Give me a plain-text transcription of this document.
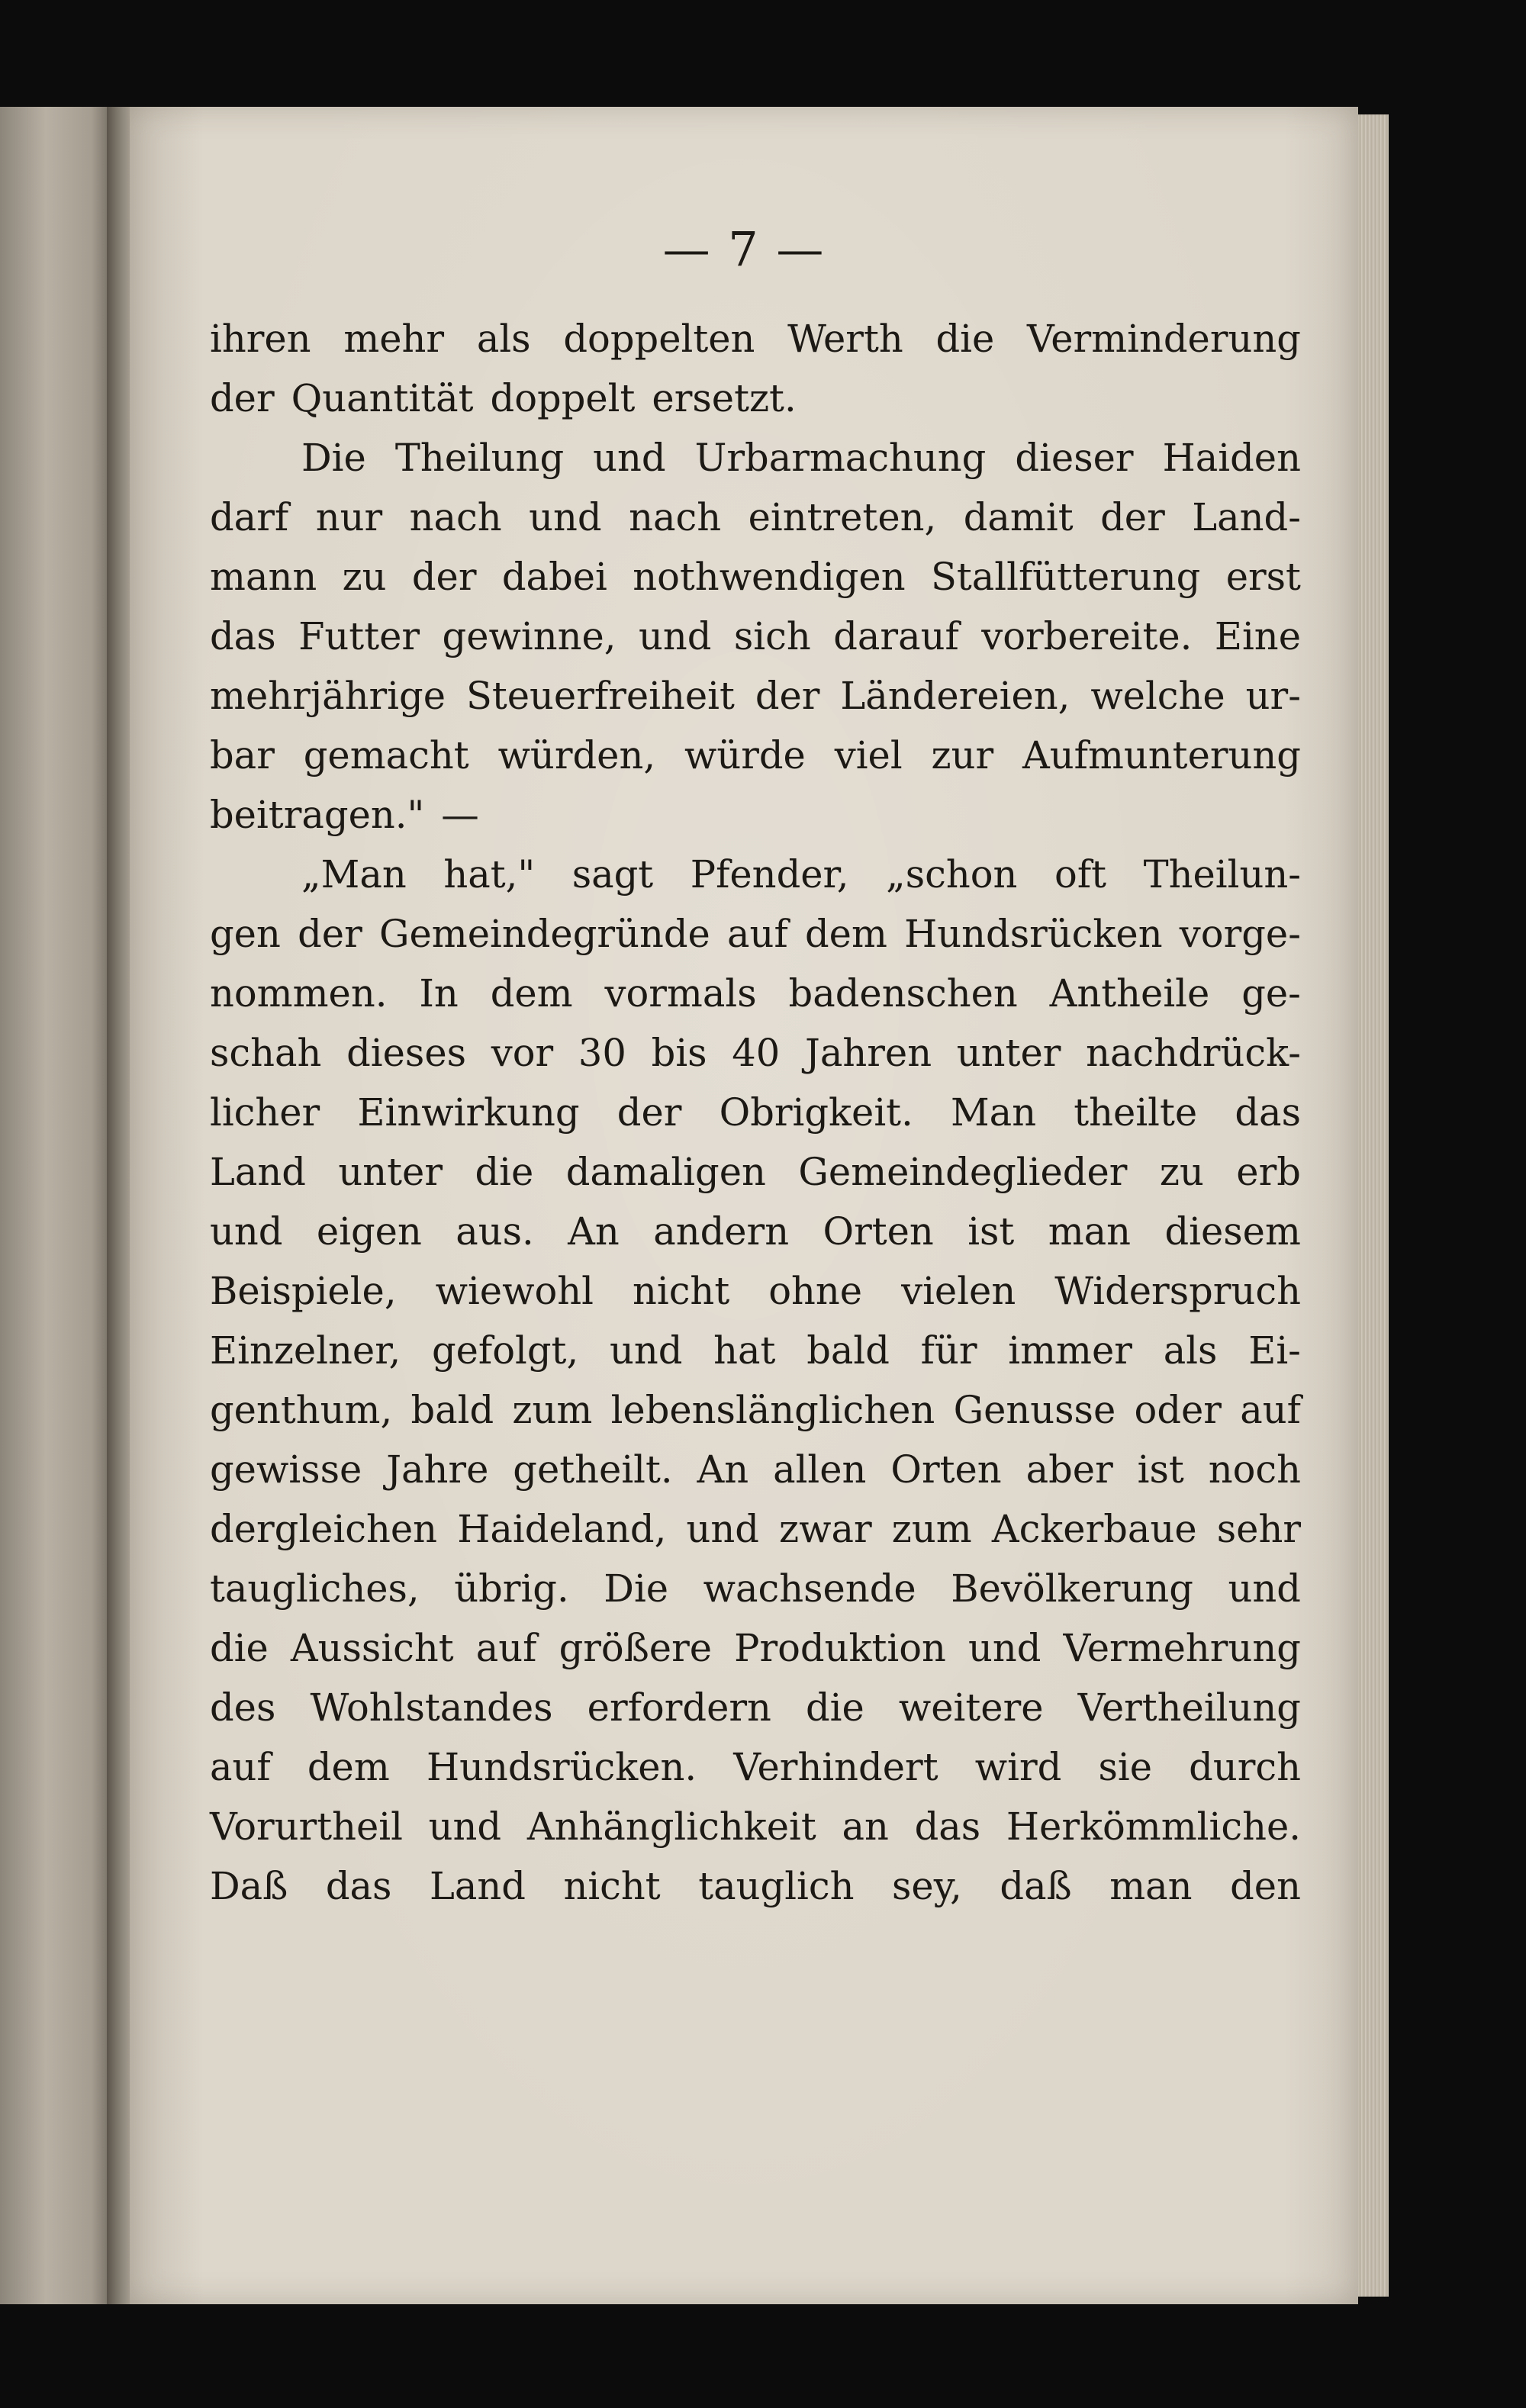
— 7 —
ihren mehr als doppelten Werth die Verminderung
der Quantität doppelt ersetzt.
Die Theilung und Urbarmachung dieser Haiden
darf nur nach und nach eintreten, damit der Land-
mann zu der dabei nothwendigen Stallfütterung erst
das Futter gewinne, und sich darauf vorbereite. Eine
mehrjährige Steuerfreiheit der Ländereien, welche ur-
bar gemacht würden, würde viel zur Aufmunterung
beitragen." —
„Man hat," sagt Pfender, „schon oft Theilun-
gen der Gemeindegründe auf dem Hundsrücken vorge-
nommen. In dem vormals badenschen Antheile ge-
schah dieses vor 30 bis 40 Jahren unter nachdrück-
licher Einwirkung der Obrigkeit. Man theilte das
Land unter die damaligen Gemeindeglieder zu erb
und eigen aus. An andern Orten ist man diesem
Beispiele, wiewohl nicht ohne vielen Widerspruch
Einzelner, gefolgt, und hat bald für immer als Ei-
genthum, bald zum lebenslänglichen Genusse oder auf
gewisse Jahre getheilt. An allen Orten aber ist noch
dergleichen Haideland, und zwar zum Ackerbaue sehr
taugliches, übrig. Die wachsende Bevölkerung und
die Aussicht auf größere Produktion und Vermehrung
des Wohlstandes erfordern die weitere Vertheilung
auf dem Hundsrücken. Verhindert wird sie durch
Vorurtheil und Anhänglichkeit an das Herkömmliche.
Daß das Land nicht tauglich sey, daß man den
